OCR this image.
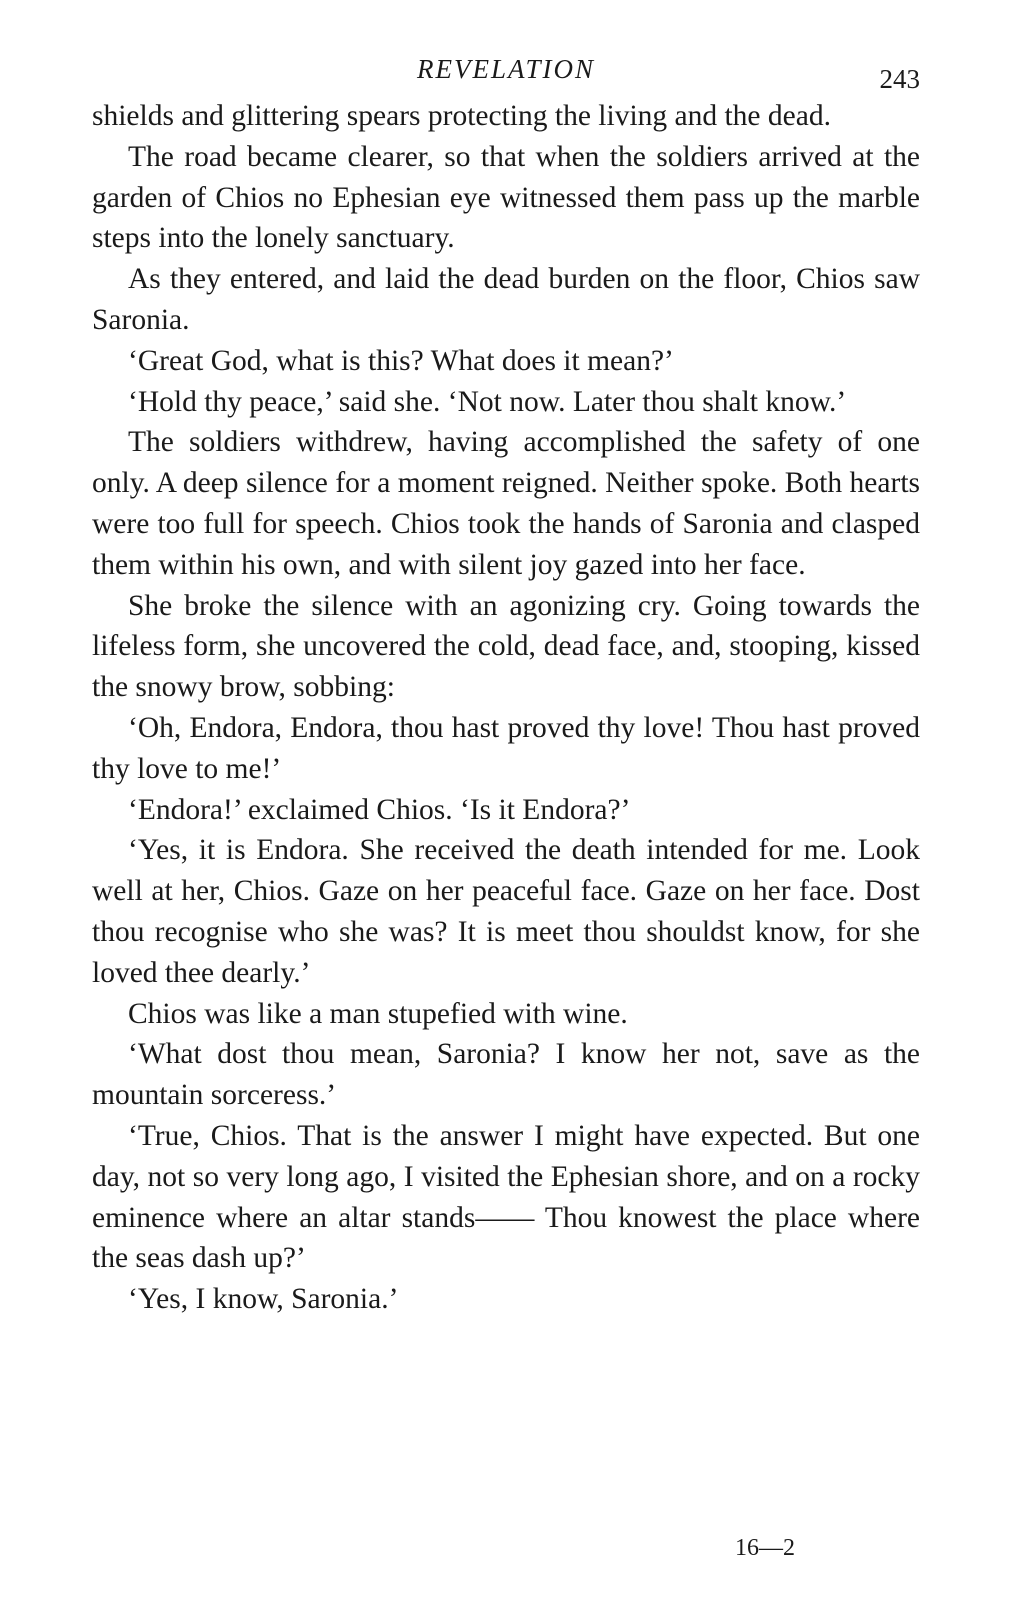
REVELATION	243

shields and glittering spears protecting the living and the dead.

The road became clearer, so that when the soldiers arrived at the garden of Chios no Ephesian eye witnessed them pass up the marble steps into the lonely sanctuary.

As they entered, and laid the dead burden on the floor, Chios saw Saronia.

‘Great God, what is this? What does it mean?’

‘Hold thy peace,’ said she. ‘Not now. Later thou shalt know.’

The soldiers withdrew, having accomplished the safety of one only. A deep silence for a moment reigned. Neither spoke. Both hearts were too full for speech. Chios took the hands of Saronia and clasped them within his own, and with silent joy gazed into her face.

She broke the silence with an agonizing cry. Going towards the lifeless form, she uncovered the cold, dead face, and, stooping, kissed the snowy brow, sobbing:

‘Oh, Endora, Endora, thou hast proved thy love! Thou hast proved thy love to me!’

‘Endora!’ exclaimed Chios. ‘Is it Endora?’

‘Yes, it is Endora. She received the death intended for me. Look well at her, Chios. Gaze on her peaceful face. Gaze on her face. Dost thou recognise who she was? It is meet thou shouldst know, for she loved thee dearly.’

Chios was like a man stupefied with wine.

‘What dost thou mean, Saronia? I know her not, save as the mountain sorceress.’

‘True, Chios. That is the answer I might have expected. But one day, not so very long ago, I visited the Ephesian shore, and on a rocky eminence where an altar stands—— Thou knowest the place where the seas dash up?’

‘Yes, I know, Saronia.’

16—2
